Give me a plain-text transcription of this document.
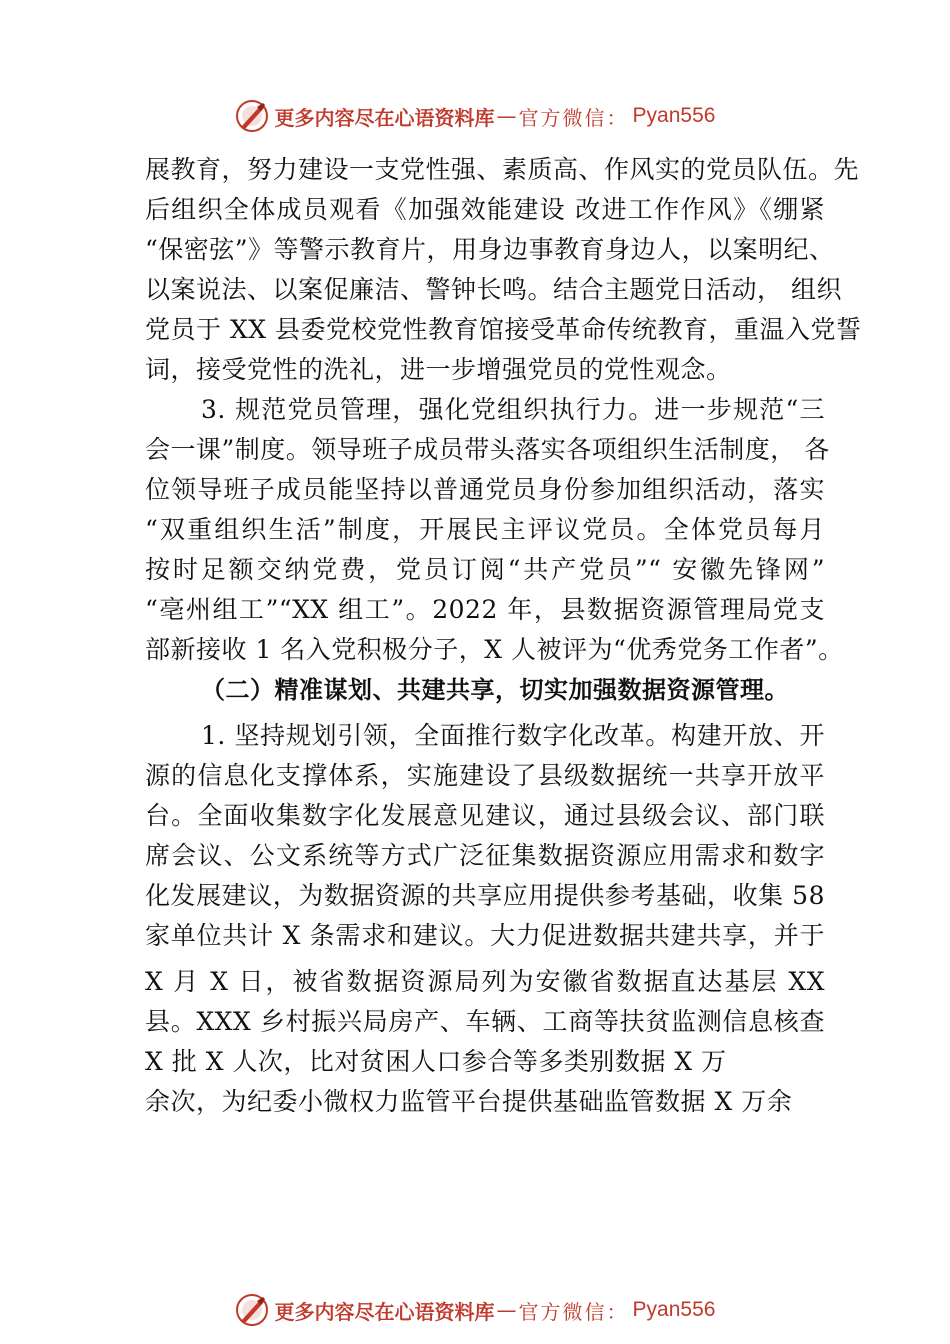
更多内容尽在心语资料库 — 官方微信： Pyan556
展教育，努力建设一支党性强、素质高、作风实的党员队伍。先
后组织全体成员观看《加强效能建设 改进工作作风》《绷紧
“保密弦”》等警示教育片，用身边事教育身边人，以案明纪、
以案说法、以案促廉洁、警钟长鸣。结合主题党日活动， 组织
党员于 XX 县委党校党性教育馆接受革命传统教育，重温入党誓
词，接受党性的洗礼，进一步增强党员的党性观念。
3. 规范党员管理，强化党组织执行力。进一步规范“三
会一课”制度。领导班子成员带头落实各项组织生活制度， 各
位领导班子成员能坚持以普通党员身份参加组织活动，落实
“双重组织生活”制度，开展民主评议党员。全体党员每月
按时足额交纳党费，党员订阅“共产党员”“ 安徽先锋网”
“亳州组工”“XX 组工”。2022 年，县数据资源管理局党支
部新接收 1 名入党积极分子，X 人被评为“优秀党务工作者”。
（二）精准谋划、共建共享，切实加强数据资源管理。
1. 坚持规划引领，全面推行数字化改革。构建开放、开
源的信息化支撑体系，实施建设了县级数据统一共享开放平
台。全面收集数字化发展意见建议，通过县级会议、部门联
席会议、公文系统等方式广泛征集数据资源应用需求和数字
化发展建议，为数据资源的共享应用提供参考基础，收集 58
家单位共计 X 条需求和建议。大力促进数据共建共享，并于
X 月 X 日，被省数据资源局列为安徽省数据直达基层 XX
县。XXX 乡村振兴局房产、车辆、工商等扶贫监测信息核查
X 批 X 人次，比对贫困人口参合等多类别数据 X 万
余次，为纪委小微权力监管平台提供基础监管数据 X 万余
更多内容尽在心语资料库 — 官方微信： Pyan556
